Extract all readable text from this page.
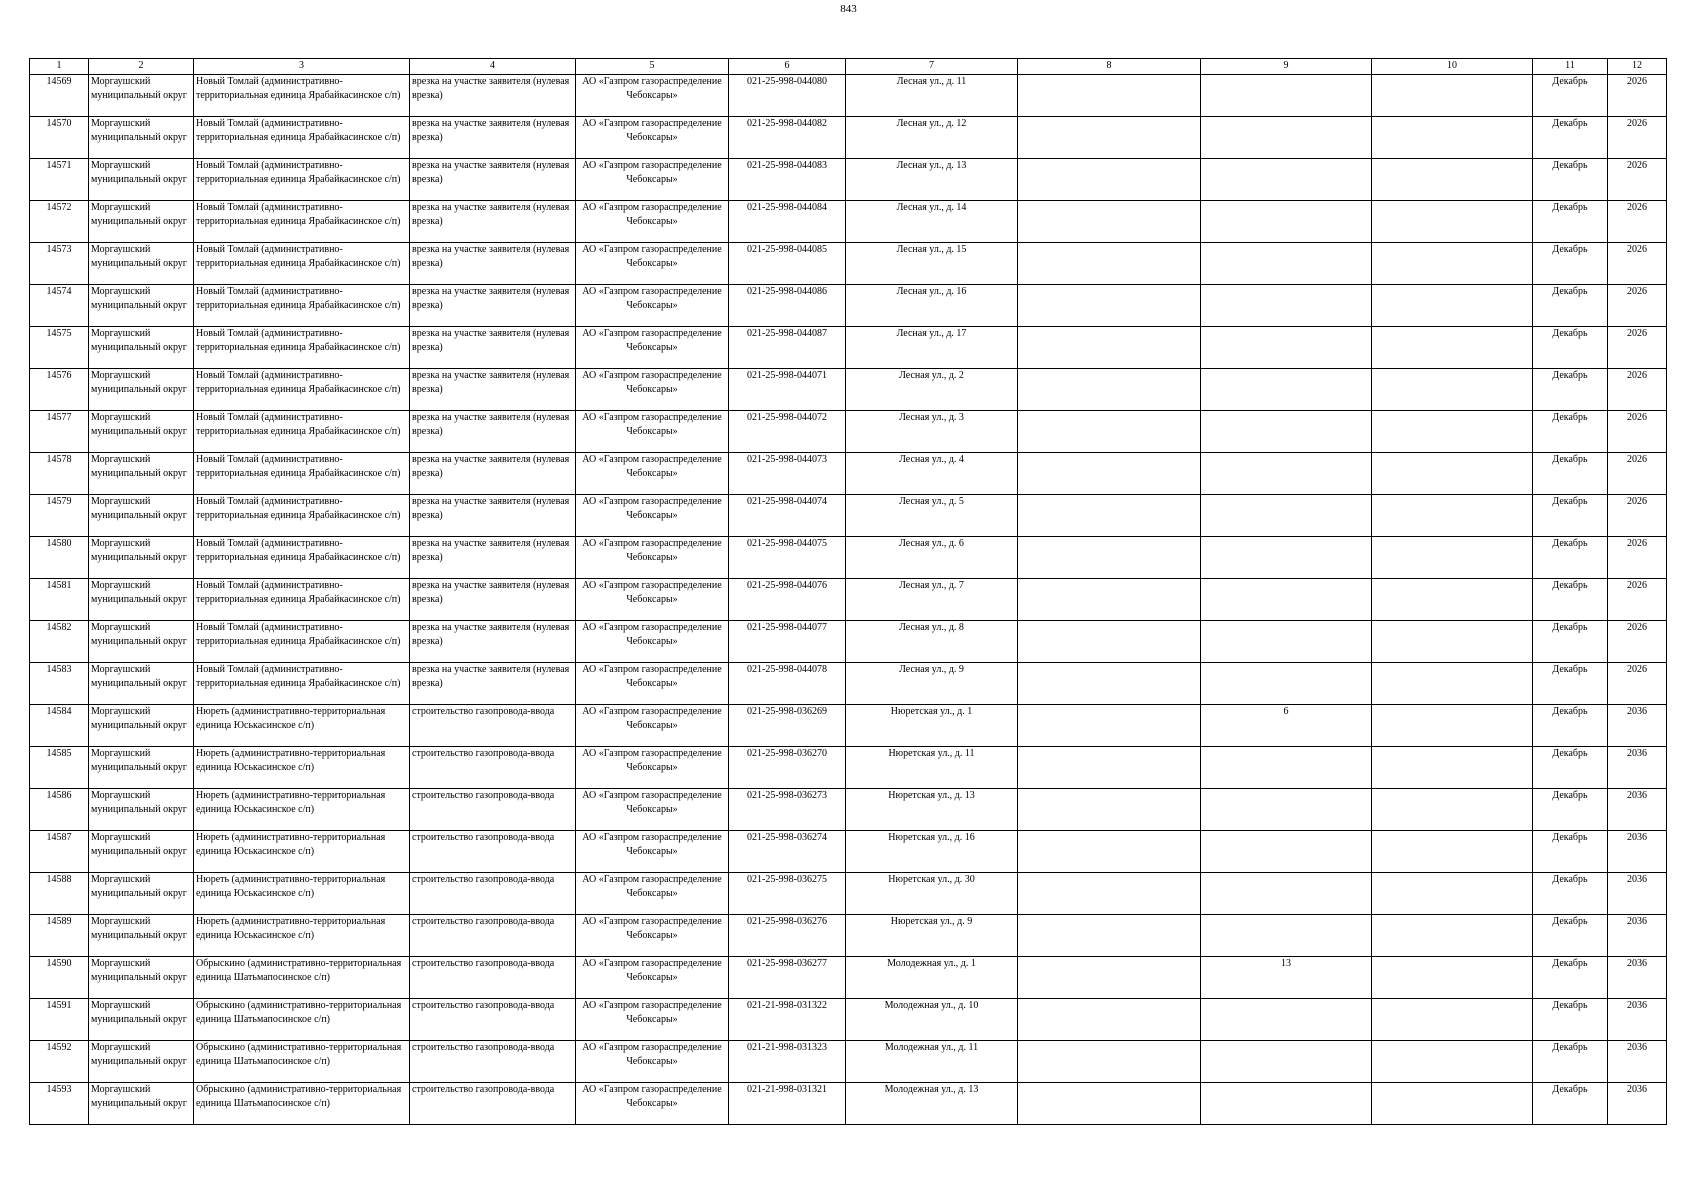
843
1	2	3	4	5	6	7	8	9	10	11	12

14569	Моргаушский муниципальный округ	Новый Томлай (административно-территориальная единица Ярабайкасинское с/п)	врезка на участке заявителя (нулевая врезка)	АО «Газпром газораспределение Чебоксары»	021-25-998-044080	Лесная ул., д. 11				Декабрь	2026

14570	Моргаушский муниципальный округ	Новый Томлай (административно-территориальная единица Ярабайкасинское с/п)	врезка на участке заявителя (нулевая врезка)	АО «Газпром газораспределение Чебоксары»	021-25-998-044082	Лесная ул., д. 12				Декабрь	2026

14571	Моргаушский муниципальный округ	Новый Томлай (административно-территориальная единица Ярабайкасинское с/п)	врезка на участке заявителя (нулевая врезка)	АО «Газпром газораспределение Чебоксары»	021-25-998-044083	Лесная ул., д. 13				Декабрь	2026

14572	Моргаушский муниципальный округ	Новый Томлай (административно-территориальная единица Ярабайкасинское с/п)	врезка на участке заявителя (нулевая врезка)	АО «Газпром газораспределение Чебоксары»	021-25-998-044084	Лесная ул., д. 14				Декабрь	2026

14573	Моргаушский муниципальный округ	Новый Томлай (административно-территориальная единица Ярабайкасинское с/п)	врезка на участке заявителя (нулевая врезка)	АО «Газпром газораспределение Чебоксары»	021-25-998-044085	Лесная ул., д. 15				Декабрь	2026

14574	Моргаушский муниципальный округ	Новый Томлай (административно-территориальная единица Ярабайкасинское с/п)	врезка на участке заявителя (нулевая врезка)	АО «Газпром газораспределение Чебоксары»	021-25-998-044086	Лесная ул., д. 16				Декабрь	2026

14575	Моргаушский муниципальный округ	Новый Томлай (административно-территориальная единица Ярабайкасинское с/п)	врезка на участке заявителя (нулевая врезка)	АО «Газпром газораспределение Чебоксары»	021-25-998-044087	Лесная ул., д. 17				Декабрь	2026

14576	Моргаушский муниципальный округ	Новый Томлай (административно-территориальная единица Ярабайкасинское с/п)	врезка на участке заявителя (нулевая врезка)	АО «Газпром газораспределение Чебоксары»	021-25-998-044071	Лесная ул., д. 2				Декабрь	2026

14577	Моргаушский муниципальный округ	Новый Томлай (административно-территориальная единица Ярабайкасинское с/п)	врезка на участке заявителя (нулевая врезка)	АО «Газпром газораспределение Чебоксары»	021-25-998-044072	Лесная ул., д. 3				Декабрь	2026

14578	Моргаушский муниципальный округ	Новый Томлай (административно-территориальная единица Ярабайкасинское с/п)	врезка на участке заявителя (нулевая врезка)	АО «Газпром газораспределение Чебоксары»	021-25-998-044073	Лесная ул., д. 4				Декабрь	2026

14579	Моргаушский муниципальный округ	Новый Томлай (административно-территориальная единица Ярабайкасинское с/п)	врезка на участке заявителя (нулевая врезка)	АО «Газпром газораспределение Чебоксары»	021-25-998-044074	Лесная ул., д. 5				Декабрь	2026

14580	Моргаушский муниципальный округ	Новый Томлай (административно-территориальная единица Ярабайкасинское с/п)	врезка на участке заявителя (нулевая врезка)	АО «Газпром газораспределение Чебоксары»	021-25-998-044075	Лесная ул., д. 6				Декабрь	2026

14581	Моргаушский муниципальный округ	Новый Томлай (административно-территориальная единица Ярабайкасинское с/п)	врезка на участке заявителя (нулевая врезка)	АО «Газпром газораспределение Чебоксары»	021-25-998-044076	Лесная ул., д. 7				Декабрь	2026

14582	Моргаушский муниципальный округ	Новый Томлай (административно-территориальная единица Ярабайкасинское с/п)	врезка на участке заявителя (нулевая врезка)	АО «Газпром газораспределение Чебоксары»	021-25-998-044077	Лесная ул., д. 8				Декабрь	2026

14583	Моргаушский муниципальный округ	Новый Томлай (административно-территориальная единица Ярабайкасинское с/п)	врезка на участке заявителя (нулевая врезка)	АО «Газпром газораспределение Чебоксары»	021-25-998-044078	Лесная ул., д. 9				Декабрь	2026

14584	Моргаушский муниципальный округ	Нюреть (административно-территориальная единица Юськасинское с/п)	строительство газопровода-ввода	АО «Газпром газораспределение Чебоксары»	021-25-998-036269	Нюретская ул., д. 1		6		Декабрь	2036

14585	Моргаушский муниципальный округ	Нюреть (административно-территориальная единица Юськасинское с/п)	строительство газопровода-ввода	АО «Газпром газораспределение Чебоксары»	021-25-998-036270	Нюретская ул., д. 11				Декабрь	2036

14586	Моргаушский муниципальный округ	Нюреть (административно-территориальная единица Юськасинское с/п)	строительство газопровода-ввода	АО «Газпром газораспределение Чебоксары»	021-25-998-036273	Нюретская ул., д. 13				Декабрь	2036

14587	Моргаушский муниципальный округ	Нюреть (административно-территориальная единица Юськасинское с/п)	строительство газопровода-ввода	АО «Газпром газораспределение Чебоксары»	021-25-998-036274	Нюретская ул., д. 16				Декабрь	2036

14588	Моргаушский муниципальный округ	Нюреть (административно-территориальная единица Юськасинское с/п)	строительство газопровода-ввода	АО «Газпром газораспределение Чебоксары»	021-25-998-036275	Нюретская ул., д. 30				Декабрь	2036

14589	Моргаушский муниципальный округ	Нюреть (административно-территориальная единица Юськасинское с/п)	строительство газопровода-ввода	АО «Газпром газораспределение Чебоксары»	021-25-998-036276	Нюретская ул., д. 9				Декабрь	2036

14590	Моргаушский муниципальный округ	Обрыскино (административно-территориальная единица Шатьмапосинское с/п)	строительство газопровода-ввода	АО «Газпром газораспределение Чебоксары»	021-25-998-036277	Молодежная ул., д. 1		13		Декабрь	2036

14591	Моргаушский муниципальный округ	Обрыскино (административно-территориальная единица Шатьмапосинское с/п)	строительство газопровода-ввода	АО «Газпром газораспределение Чебоксары»	021-21-998-031322	Молодежная ул., д. 10				Декабрь	2036

14592	Моргаушский муниципальный округ	Обрыскино (административно-территориальная единица Шатьмапосинское с/п)	строительство газопровода-ввода	АО «Газпром газораспределение Чебоксары»	021-21-998-031323	Молодежная ул., д. 11				Декабрь	2036

14593	Моргаушский муниципальный округ	Обрыскино (административно-территориальная единица Шатьмапосинское с/п)	строительство газопровода-ввода	АО «Газпром газораспределение Чебоксары»	021-21-998-031321	Молодежная ул., д. 13				Декабрь	2036
